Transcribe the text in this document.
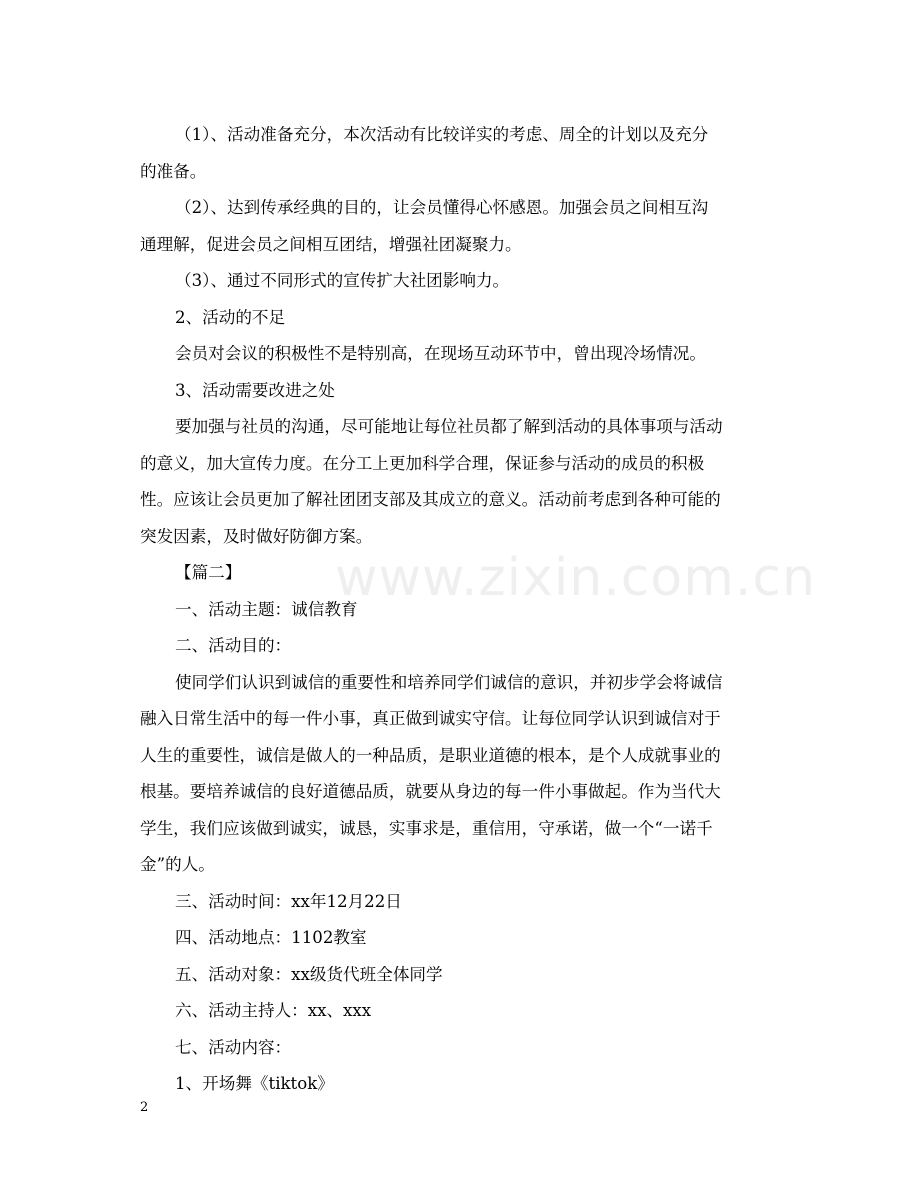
（1）、活动准备充分，本次活动有比较详实的考虑、周全的计划以及充分
的准备。
（2）、达到传承经典的目的，让会员懂得心怀感恩。加强会员之间相互沟
通理解，促进会员之间相互团结，增强社团凝聚力。
（3）、通过不同形式的宣传扩大社团影响力。
2、活动的不足
会员对会议的积极性不是特别高，在现场互动环节中，曾出现冷场情况。
3、活动需要改进之处
要加强与社员的沟通，尽可能地让每位社员都了解到活动的具体事项与活动
的意义，加大宣传力度。在分工上更加科学合理，保证参与活动的成员的积极
性。应该让会员更加了解社团团支部及其成立的意义。活动前考虑到各种可能的
突发因素，及时做好防御方案。
【篇二】
一、活动主题：诚信教育
二、活动目的：
使同学们认识到诚信的重要性和培养同学们诚信的意识，并初步学会将诚信
融入日常生活中的每一件小事，真正做到诚实守信。让每位同学认识到诚信对于
人生的重要性，诚信是做人的一种品质，是职业道德的根本，是个人成就事业的
根基。要培养诚信的良好道德品质，就要从身边的每一件小事做起。作为当代大
学生，我们应该做到诚实，诚恳，实事求是，重信用，守承诺，做一个“一诺千
金”的人。
三、活动时间：xx年12月22日
四、活动地点：1102教室
五、活动对象：xx级货代班全体同学
六、活动主持人：xx、xxx
七、活动内容：
1、开场舞《tiktok》
www.zixin.com.cn
2
